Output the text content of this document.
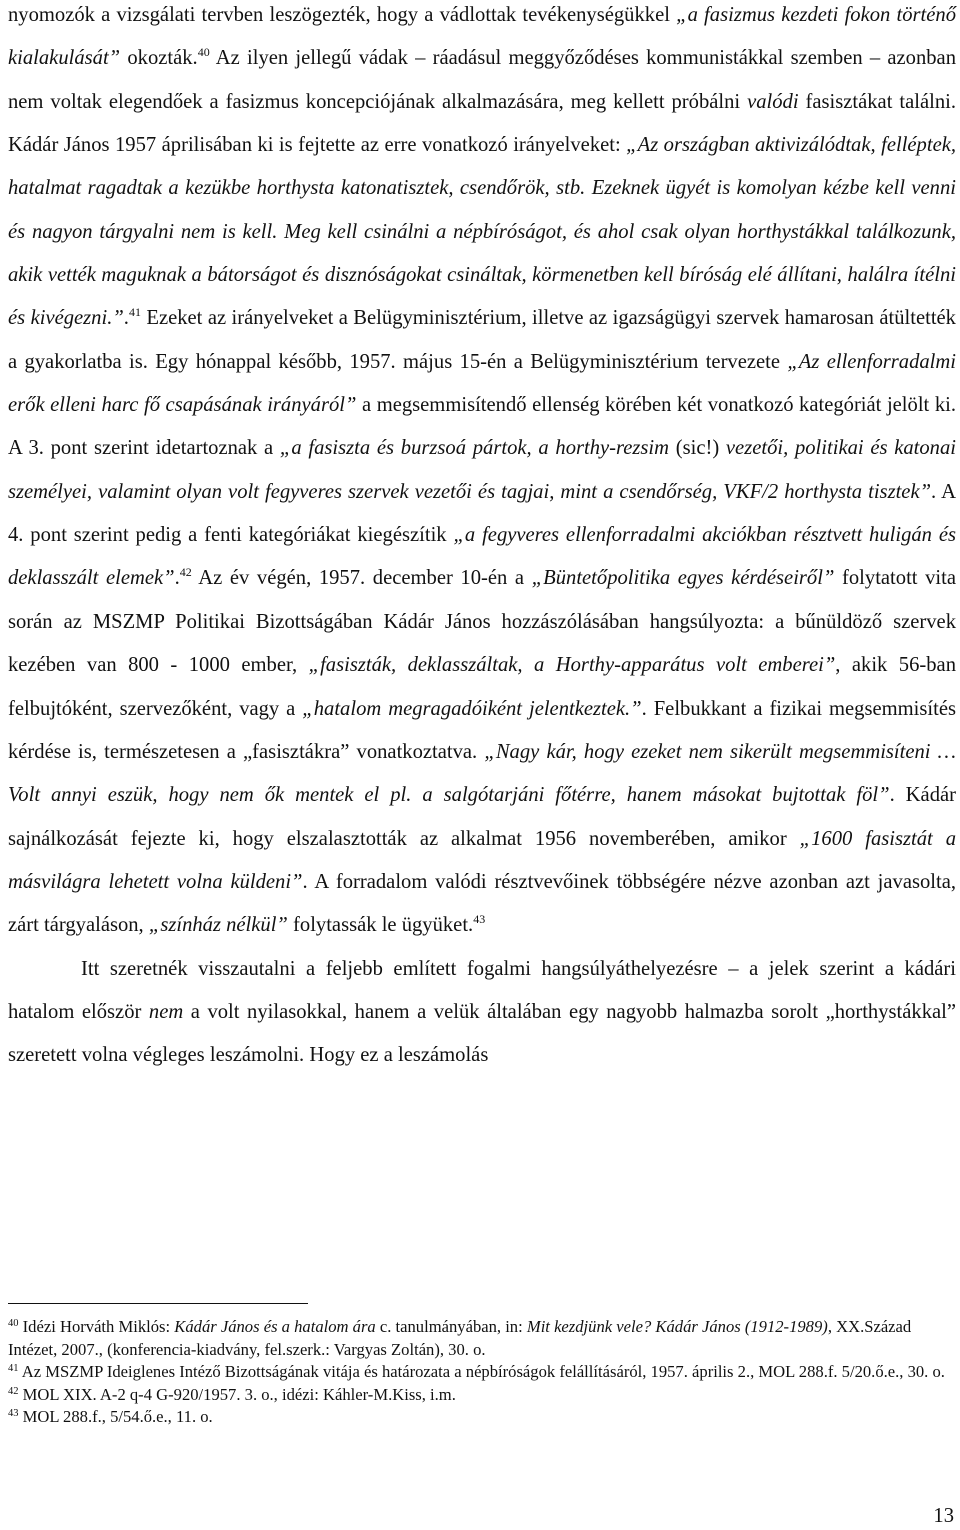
nyomozók a vizsgálati tervben leszögezték, hogy a vádlottak tevékenységükkel „a fasizmus kezdeti fokon történő kialakulását” okozták.$^{40}$ Az ilyen jellegű vádak – ráadásul meggyőződéses kommunistákkal szemben – azonban nem voltak elegendőek a fasizmus koncepciójának alkalmazására, meg kellett próbálni valódi fasisztákat találni. Kádár János 1957 áprilisában ki is fejtette az erre vonatkozó irányelveket: „Az országban aktivizálódtak, felléptek, hatalmat ragadtak a kezükbe horthysta katonatisztek, csendőrök, stb. Ezeknek ügyét is komolyan kézbe kell venni és nagyon tárgyalni nem is kell. Meg kell csinálni a népbíróságot, és ahol csak olyan horthystákkal találkozunk, akik vették maguknak a bátorságot és disznóságokat csináltak, körmenetben kell bíróság elé állítani, halálra ítélni és kivégezni.”.$^{41}$ Ezeket az irányelveket a Belügyminisztérium, illetve az igazságügyi szervek hamarosan átültették a gyakorlatba is. Egy hónappal később, 1957. május 15-én a Belügyminisztérium tervezete „Az ellenforradalmi erők elleni harc fő csapásának irányáról” a megsemmisítendő ellenség körében két vonatkozó kategóriát jelölt ki. A 3. pont szerint idetartoznak a „a fasiszta és burzsoá pártok, a horthy-rezsim (sic!) vezetői, politikai és katonai személyei, valamint olyan volt fegyveres szervek vezetői és tagjai, mint a csendőrség, VKF/2 horthysta tisztek”. A 4. pont szerint pedig a fenti kategóriákat kiegészítik „a fegyveres ellenforradalmi akciókban résztvett huligán és deklasszált elemek”.$^{42}$ Az év végén, 1957. december 10-én a „Büntetőpolitika egyes kérdéseiről” folytatott vita során az MSZMP Politikai Bizottságában Kádár János hozzászólásában hangsúlyozta: a bűnüldöző szervek kezében van 800 - 1000 ember, „fasiszták, deklasszáltak, a Horthy-apparátus volt emberei”, akik 56-ban felbujtóként, szervezőként, vagy a „hatalom megragadóiként jelentkeztek.”. Felbukkant a fizikai megsemmisítés kérdése is, természetesen a „fasisztákra” vonatkoztatva. „Nagy kár, hogy ezeket nem sikerült megsemmisíteni … Volt annyi eszük, hogy nem ők mentek el pl. a salgótarjáni főtérre, hanem másokat bujtottak föl”. Kádár sajnálkozását fejezte ki, hogy elszalasztották az alkalmat 1956 novemberében, amikor „1600 fasisztát a másvilágra lehetett volna küldeni”. A forradalom valódi résztvevőinek többségére nézve azonban azt javasolta, zárt tárgyaláson, „színház nélkül” folytassák le ügyüket.$^{43}$

Itt szeretnék visszautalni a feljebb említett fogalmi hangsúlyáthelyezésre – a jelek szerint a kádári hatalom először nem a volt nyilasokkal, hanem a velük általában egy nagyobb halmazba sorolt „horthystákkal” szeretett volna végleges leszámolni. Hogy ez a leszámolás

$^{40}$ Idézi Horváth Miklós: Kádár János és a hatalom ára c. tanulmányában, in: Mit kezdjünk vele? Kádár János (1912-1989), XX.Század Intézet, 2007., (konferencia-kiadvány, fel.szerk.: Vargyas Zoltán), 30. o.

$^{41}$ Az MSZMP Ideiglenes Intéző Bizottságának vitája és határozata a népbíróságok felállításáról, 1957. április 2., MOL 288.f. 5/20.ő.e., 30. o.

$^{42}$ MOL XIX. A-2 q-4 G-920/1957. 3. o., idézi: Káhler-M.Kiss, i.m.

$^{43}$ MOL 288.f., 5/54.ő.e., 11. o.

13
